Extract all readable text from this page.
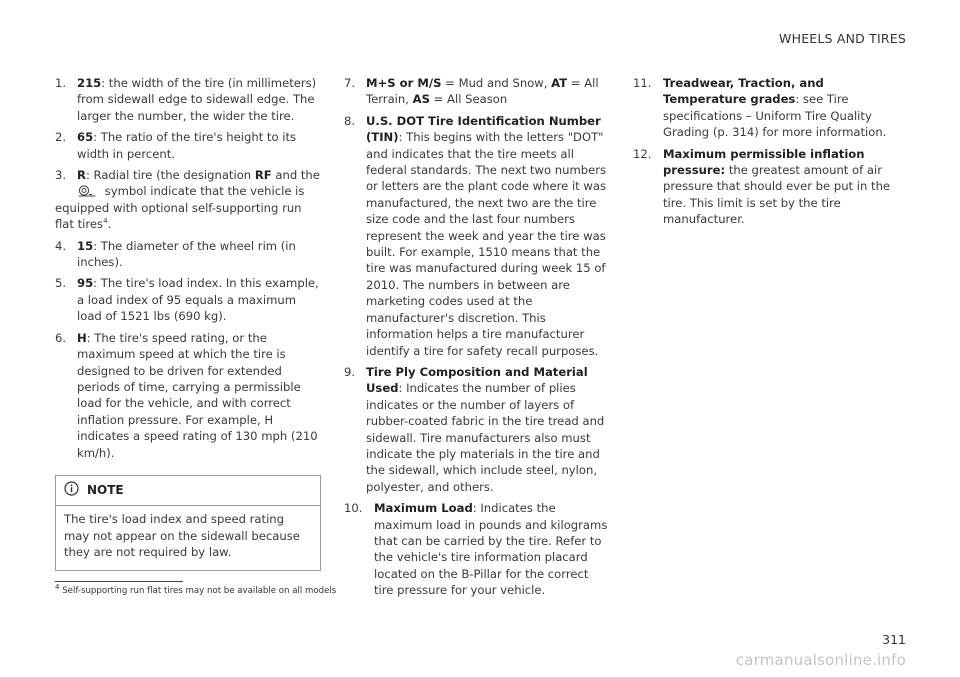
WHEELS AND TIRES
1. 215: the width of the tire (in millimeters) from sidewall edge to sidewall edge. The larger the number, the wider the tire.
2. 65: The ratio of the tire's height to its width in percent.
3. R: Radial tire (the designation RF and the
symbol indicate that the vehicle is equipped with optional self-supporting run flat tires$^4$.
4. 15: The diameter of the wheel rim (in inches).
5. 95: The tire's load index. In this example, a load index of 95 equals a maximum load of 1521 lbs (690 kg).
6. H: The tire's speed rating, or the maximum speed at which the tire is designed to be driven for extended periods of time, carrying a permissible load for the vehicle, and with correct inflation pressure. For example, H indicates a speed rating of 130 mph (210 km/h).
NOTE
The tire's load index and speed rating may not appear on the sidewall because they are not required by law.
7. M+S or M/S = Mud and Snow, AT = All Terrain, AS = All Season
8. U.S. DOT Tire Identification Number (TIN): This begins with the letters "DOT" and indicates that the tire meets all federal standards. The next two numbers or letters are the plant code where it was manufactured, the next two are the tire size code and the last four numbers represent the week and year the tire was built. For example, 1510 means that the tire was manufactured during week 15 of 2010. The numbers in between are marketing codes used at the manufacturer's discretion. This information helps a tire manufacturer identify a tire for safety recall purposes.
9. Tire Ply Composition and Material Used: Indicates the number of plies indicates or the number of layers of rubber-coated fabric in the tire tread and sidewall. Tire manufacturers also must indicate the ply materials in the tire and the sidewall, which include steel, nylon, polyester, and others.
10. Maximum Load: Indicates the maximum load in pounds and kilograms that can be carried by the tire. Refer to the vehicle's tire information placard located on the B-Pillar for the correct tire pressure for your vehicle.
11. Treadwear, Traction, and Temperature grades: see Tire specifications – Uniform Tire Quality Grading (p. 314) for more information.
12. Maximum permissible inflation pressure: the greatest amount of air pressure that should ever be put in the tire. This limit is set by the tire manufacturer.
$^4$ Self-supporting run flat tires may not be available on all models
311
carmanualsonline.info
